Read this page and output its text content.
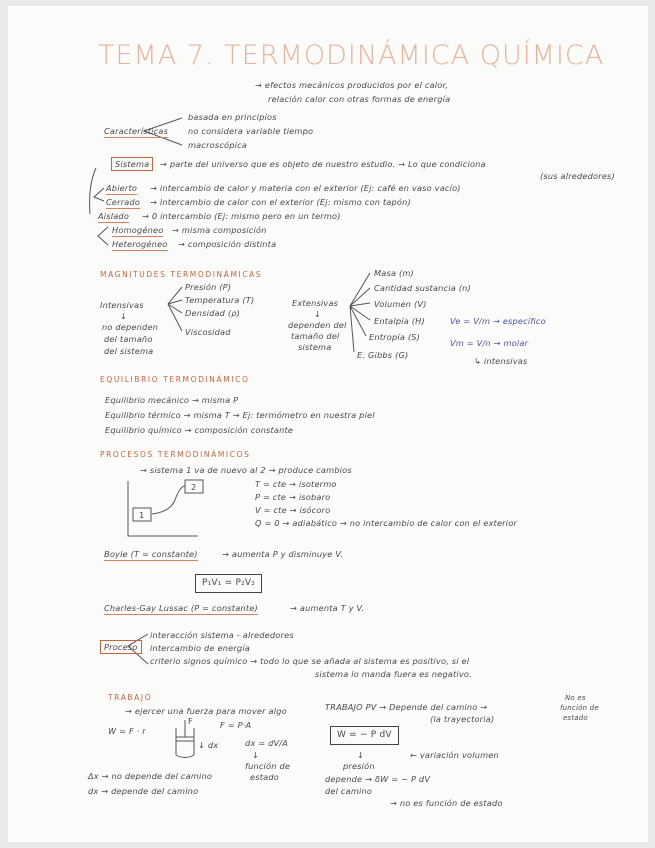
TEMA 7. TERMODINÁMICA QUÍMICA
→ efectos mecánicos producidos por el calor,
relación calor con otras formas de energía
Características
basada en principios
no considera variable tiempo
macroscópica
Sistema	→ parte del universo que es objeto de nuestro estudio. → Lo que condiciona
(sus alrededores)
Abierto → intercambio de calor y materia con el exterior (Ej: café en vaso vacío)
Cerrado → intercambio de calor con el exterior (Ej: mismo con tapón)
Aislado → 0 intercambio (Ej: mismo pero en un termo)
Homogéneo → misma composición
Heterogéneo → composición distinta
MAGNITUDES TERMODINÁMICAS
Intensivas
↓
no dependen
del tamaño
del sistema
Presión (P)
Temperatura (T)
Densidad (ρ)
Viscosidad
Extensivas
↓
dependen del
tamaño del
sistema
Masa (m)
Cantidad sustancia (n)
Volumen (V)
Entalpía (H)
Entropía (S)
E. Gibbs (G)
Ve = V/m → específico
Vm = V/n → molar
↳ intensivas
EQUILIBRIO TERMODINÁMICO
Equilibrio mecánico → misma P
Equilibrio térmico → misma T → Ej: termómetro en nuestra piel
Equilibrio químico → composición constante
PROCESOS TERMODINÁMICOS
→ sistema 1 va de nuevo al 2 → produce cambios
1
2	T = cte → isotermo
P = cte → isobaro
V = cte → isócoro
Q = 0 → adiabático → no intercambio de calor con el exterior
Boyle (T = constante)	→ aumenta P y disminuye V.
P₁V₁ = P₂V₂
Charles-Gay Lussac (P = constante)	→ aumenta T y V.
Proceso
interacción sistema - alrededores
intercambio de energía
criterio signos químico → todo lo que se añada al sistema es positivo, si el
sistema lo manda fuera es negativo.
TRABAJO
→ ejercer una fuerza para mover algo
W = F · r
F	F = P·A
↓ dx	dx = dV/A
↓
función de
estado
Δx → no depende del camino
dx → depende del camino
TRABAJO PV → Depende del camino →
(la trayectoria)
No es
función de
estado
W = − P dV
← variación volumen
↓
presión
depende → δW = − P dV
del camino
→ no es función de estado
